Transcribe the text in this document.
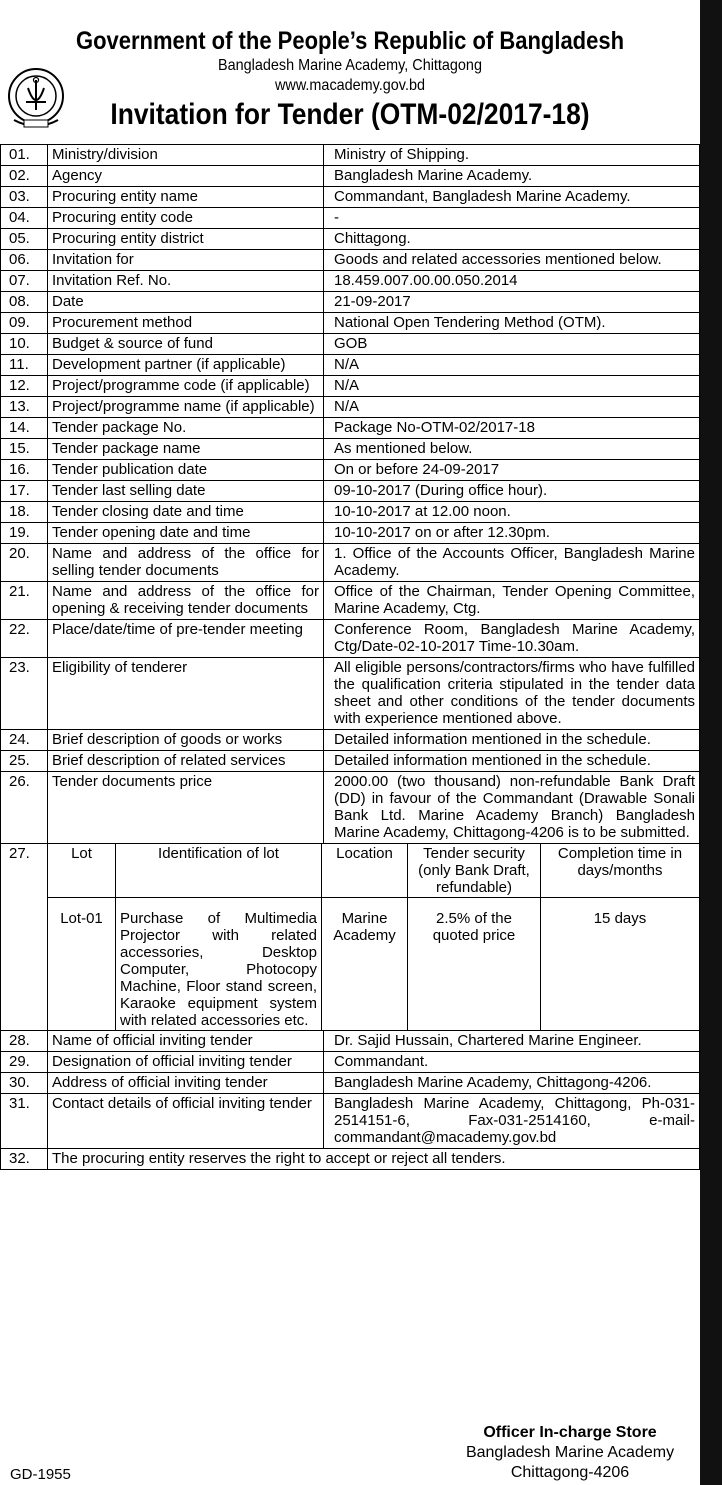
Government of the People’s Republic of Bangladesh
Bangladesh Marine Academy, Chittagong
www.macademy.gov.bd
Invitation for Tender (OTM-02/2017-18)
01.	Ministry/division	Ministry of Shipping.
02.	Agency	Bangladesh Marine Academy.
03.	Procuring entity name	Commandant, Bangladesh Marine Academy.
04.	Procuring entity code	-
05.	Procuring entity district	Chittagong.
06.	Invitation for	Goods and related accessories mentioned below.
07.	Invitation Ref. No.	18.459.007.00.00.050.2014
08.	Date	21-09-2017
09.	Procurement method	National Open Tendering Method (OTM).
10.	Budget & source of fund	GOB
11.	Development partner (if applicable)	N/A
12.	Project/programme code (if applicable)	N/A
13.	Project/programme name (if applicable)	N/A
14.	Tender package No.	Package No-OTM-02/2017-18
15.	Tender package name	As mentioned below.
16.	Tender publication date	On or before 24-09-2017
17.	Tender last selling date	09-10-2017 (During office hour).
18.	Tender closing date and time	10-10-2017 at 12.00 noon.
19.	Tender opening date and time	10-10-2017 on or after 12.30pm.
20.	Name and address of the office for selling tender documents	1. Office of the Accounts Officer, Bangladesh Marine Academy.
21.	Name and address of the office for opening & receiving tender documents	Office of the Chairman, Tender Opening Committee, Marine Academy, Ctg.
22.	Place/date/time of pre-tender meeting	Conference Room, Bangladesh Marine Academy, Ctg/Date-02-10-2017 Time-10.30am.
23.	Eligibility of tenderer	All eligible persons/contractors/firms who have fulfilled the qualification criteria stipulated in the tender data sheet and other conditions of the tender documents with experience mentioned above.
24.	Brief description of goods or works	Detailed information mentioned in the schedule.
25.	Brief description of related services	Detailed information mentioned in the schedule.
26.	Tender documents price	2000.00 (two thousand) non-refundable Bank Draft (DD) in favour of the Commandant (Drawable Sonali Bank Ltd. Marine Academy Branch) Bangladesh Marine Academy, Chittagong-4206 is to be submitted.
27.		Lot	Identification of lot	Location	Tender security (only Bank Draft, refundable)	Completion time in days/months
Lot-01	Purchase of Multimedia Projector with related accessories, Desktop Computer, Photocopy Machine, Floor stand screen, Karaoke equipment system with related accessories etc.	Marine Academy	2.5% of the quoted price	15 days

28.	Name of official inviting tender	Dr. Sajid Hussain, Chartered Marine Engineer.
29.	Designation of official inviting tender	Commandant.
30.	Address of official inviting tender	Bangladesh Marine Academy, Chittagong-4206.
31.	Contact details of official inviting tender	Bangladesh Marine Academy, Chittagong, Ph-031-2514151-6, Fax-031-2514160, e-mail-commandant@macademy.gov.bd
32.	The procuring entity reserves the right to accept or reject all tenders.
Officer In-charge Store
Bangladesh Marine Academy
Chittagong-4206
GD-1955
